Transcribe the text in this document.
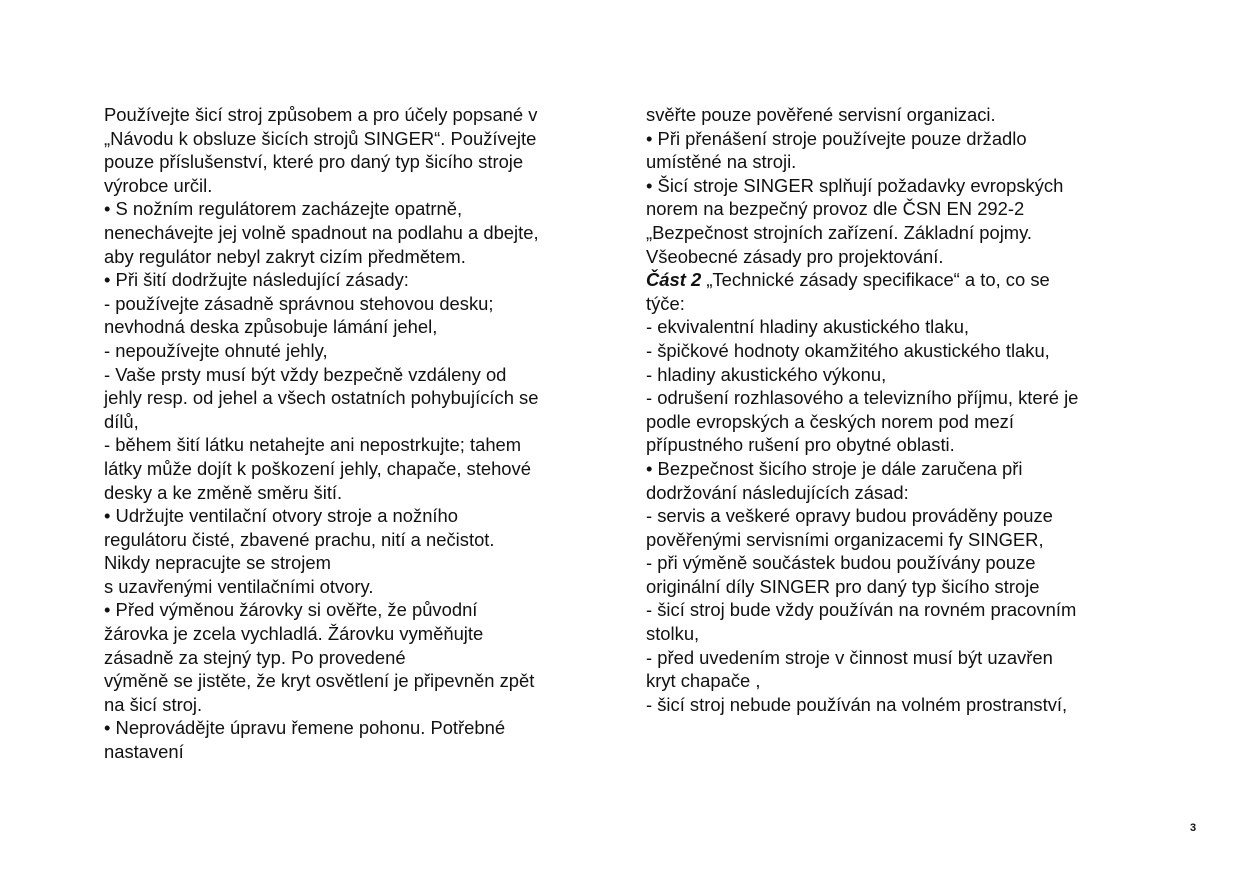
Používejte šicí stroj způsobem a pro účely popsané v
„Návodu k obsluze šicích strojů SINGER“. Používejte
pouze příslušenství, které pro daný typ šicího stroje
výrobce určil.
• S nožním regulátorem zacházejte opatrně,
nenechávejte jej volně spadnout na podlahu a dbejte,
aby regulátor nebyl zakryt cizím předmětem.
• Při šití dodržujte následující zásady:
- používejte zásadně správnou stehovou desku;
nevhodná deska způsobuje lámání jehel,
- nepoužívejte ohnuté jehly,
- Vaše prsty musí být vždy bezpečně vzdáleny od
jehly resp. od jehel a všech ostatních pohybujících se
dílů,
- během šití látku netahejte ani nepostrkujte; tahem
látky může dojít k poškození jehly, chapače, stehové
desky a ke změně směru šití.
• Udržujte ventilační otvory stroje a nožního
regulátoru čisté, zbavené prachu, nití a nečistot.
Nikdy nepracujte se strojem
s uzavřenými ventilačními otvory.
• Před výměnou žárovky si ověřte, že původní
žárovka je zcela vychladlá. Žárovku vyměňujte
zásadně za stejný typ. Po provedené
výměně se jistěte, že kryt osvětlení je připevněn zpět
na šicí stroj.
• Neprovádějte úpravu řemene pohonu. Potřebné
nastavení
svěřte pouze pověřené servisní organizaci.
• Při přenášení stroje používejte pouze držadlo
umístěné na stroji.
• Šicí stroje SINGER splňují požadavky evropských
norem na bezpečný provoz dle ČSN EN 292-2
„Bezpečnost strojních zařízení. Základní pojmy.
Všeobecné zásady pro projektování.
Část 2 „Technické zásady specifikace“ a to, co se
týče:
- ekvivalentní hladiny akustického tlaku,
- špičkové hodnoty okamžitého akustického tlaku,
- hladiny akustického výkonu,
- odrušení rozhlasového a televizního příjmu, které je
podle evropských a českých norem pod mezí
přípustného rušení pro obytné oblasti.
• Bezpečnost šicího stroje je dále zaručena při
dodržování následujících zásad:
- servis a veškeré opravy budou prováděny pouze
pověřenými servisními organizacemi fy SINGER,
- při výměně součástek budou používány pouze
originální díly SINGER pro daný typ šicího stroje
- šicí stroj bude vždy používán na rovném pracovním
stolku,
- před uvedením stroje v činnost musí být uzavřen
kryt chapače ,
- šicí stroj nebude používán na volném prostranství,
3
